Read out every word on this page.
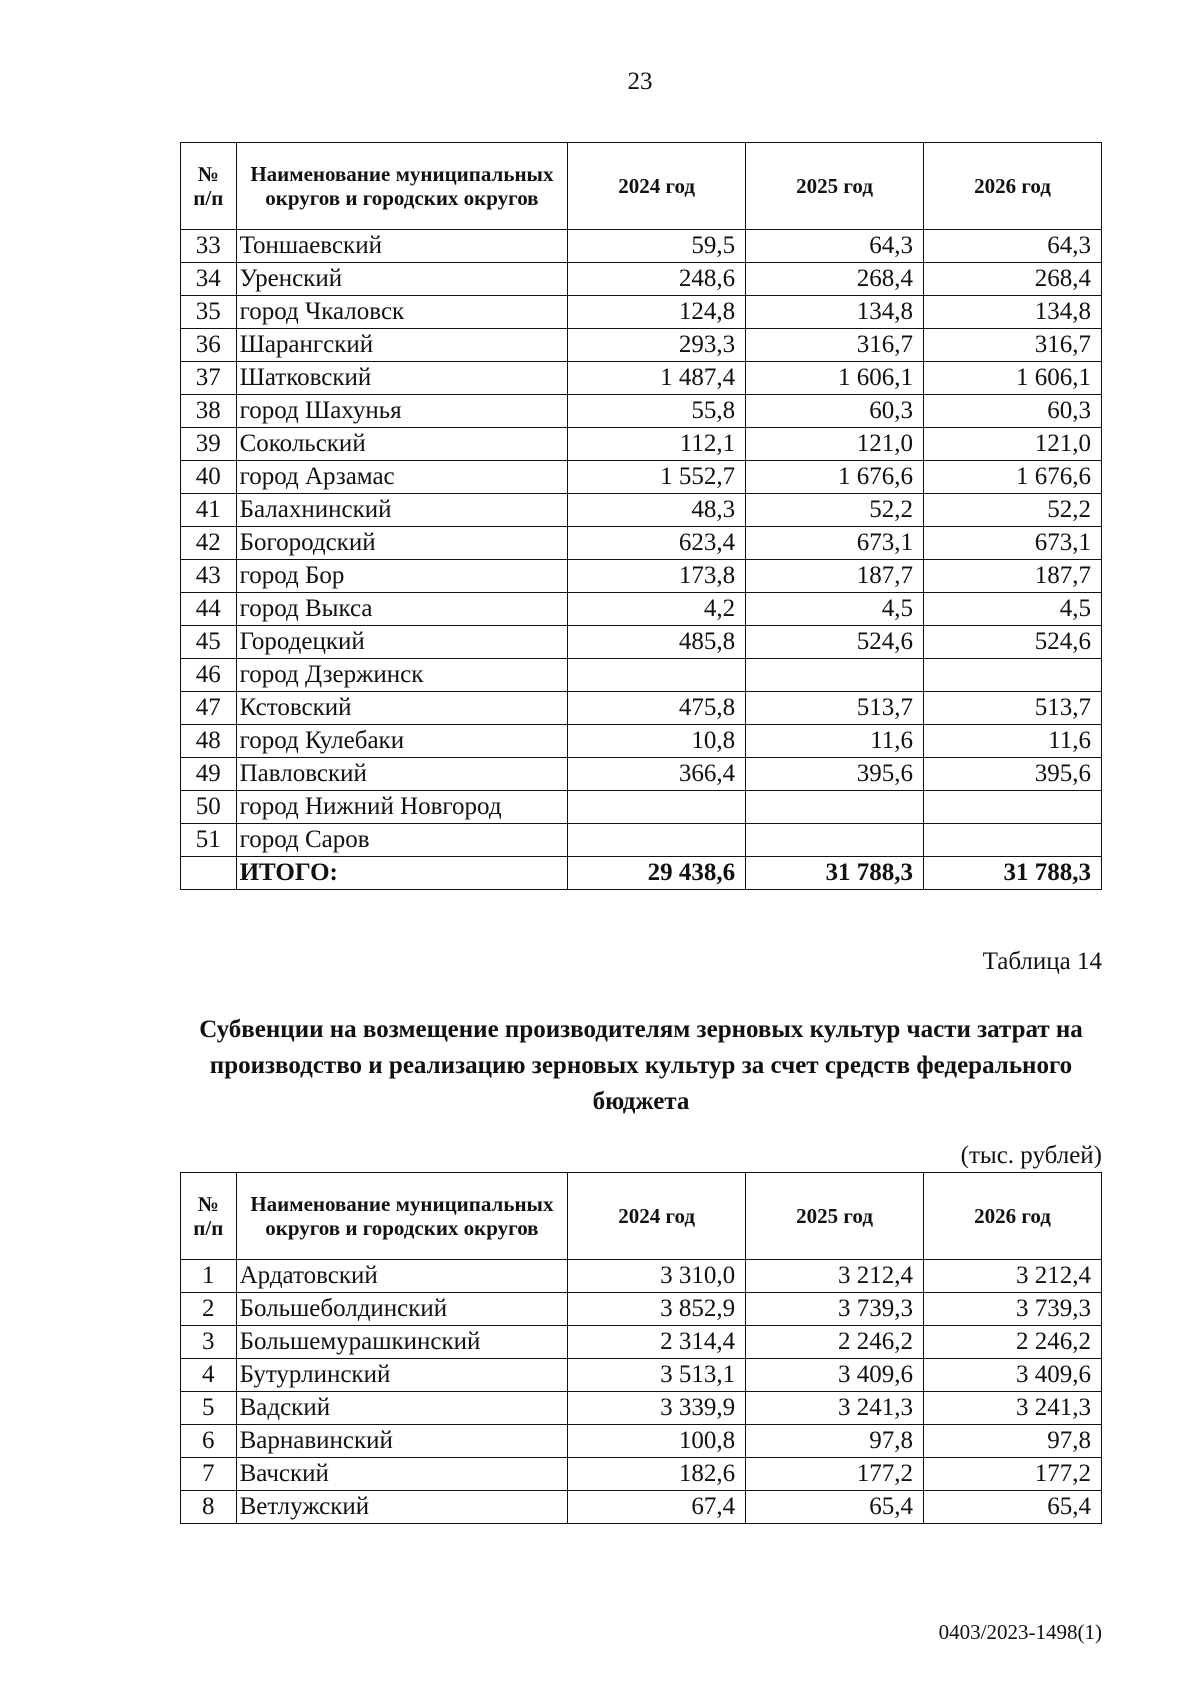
23
№ п/п	Наименование муниципальных округов и городских округов	2024 год	2025 год	2026 год
33	Тоншаевский	59,5	64,3	64,3
34	Уренский	248,6	268,4	268,4
35	город Чкаловск	124,8	134,8	134,8
36	Шарангский	293,3	316,7	316,7
37	Шатковский	1 487,4	1 606,1	1 606,1
38	город Шахунья	55,8	60,3	60,3
39	Сокольский	112,1	121,0	121,0
40	город Арзамас	1 552,7	1 676,6	1 676,6
41	Балахнинский	48,3	52,2	52,2
42	Богородский	623,4	673,1	673,1
43	город Бор	173,8	187,7	187,7
44	город Выкса	4,2	4,5	4,5
45	Городецкий	485,8	524,6	524,6
46	город Дзержинск			
47	Кстовский	475,8	513,7	513,7
48	город Кулебаки	10,8	11,6	11,6
49	Павловский	366,4	395,6	395,6
50	город Нижний Новгород			
51	город Саров			
	ИТОГО:	29 438,6	31 788,3	31 788,3
Таблица 14
Субвенции на возмещение производителям зерновых культур части затрат на производство и реализацию зерновых культур за счет средств федерального бюджета
(тыс. рублей)
№ п/п	Наименование муниципальных округов и городских округов	2024 год	2025 год	2026 год
1	Ардатовский	3 310,0	3 212,4	3 212,4
2	Большеболдинский	3 852,9	3 739,3	3 739,3
3	Большемурашкинский	2 314,4	2 246,2	2 246,2
4	Бутурлинский	3 513,1	3 409,6	3 409,6
5	Вадский	3 339,9	3 241,3	3 241,3
6	Варнавинский	100,8	97,8	97,8
7	Вачский	182,6	177,2	177,2
8	Ветлужский	67,4	65,4	65,4
0403/2023-1498(1)
